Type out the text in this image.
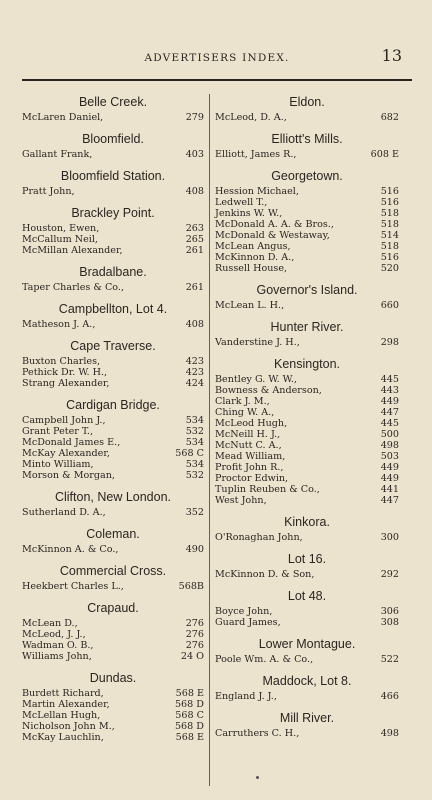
ADVERTISERS INDEX.	13
Belle Creek.
McLaren Daniel,	279
Bloomfield.
Gallant Frank,	403
Bloomfield Station.
Pratt John,	408
Brackley Point.
Houston, Ewen,	263
McCallum Neil,	265
McMillan Alexander,	261
Bradalbane.
Taper Charles & Co.,	261
Campbellton, Lot 4.
Matheson J. A.,	408
Cape Traverse.
Buxton Charles,	423
Pethick Dr. W. H.,	423
Strang Alexander,	424
Cardigan Bridge.
Campbell John J.,	534
Grant Peter T.,	532
McDonald James E.,	534
McKay Alexander,	568 C
Minto William,	534
Morson & Morgan,	532
Clifton, New London.
Sutherland D. A.,	352
Coleman.
McKinnon A. & Co.,	490
Commercial Cross.
Heekbert Charles L.,	568B
Crapaud.
McLean D.,	276
McLeod, J. J.,	276
Wadman O. B.,	276
Williams John,	24 O
Dundas.
Burdett Richard,	568 E
Martin Alexander,	568 D
McLellan Hugh,	568 C
Nicholson John M.,	568 D
McKay Lauchlin,	568 E
Eldon.
McLeod, D. A.,	682
Elliott's Mills.
Elliott, James R.,	608 E
Georgetown.
Hession Michael,	516
Ledwell T.,	516
Jenkins W. W.,	518
McDonald A. A. & Bros.,	518
McDonald & Westaway,	514
McLean Angus,	518
McKinnon D. A.,	516
Russell House,	520
Governor's Island.
McLean L. H.,	660
Hunter River.
Vanderstine J. H.,	298
Kensington.
Bentley G. W. W.,	445
Bowness & Anderson,	443
Clark J. M.,	449
Ching W. A.,	447
McLeod Hugh,	445
McNeill H. J.,	500
McNutt C. A.,	498
Mead William,	503
Profit John R.,	449
Proctor Edwin,	449
Tuplin Reuben & Co.,	441
West John,	447
Kinkora.
O'Ronaghan John,	300
Lot 16.
McKinnon D. & Son,	292
Lot 48.
Boyce John,	306
Guard James,	308
Lower Montague.
Poole Wm. A. & Co.,	522
Maddock, Lot 8.
England J. J.,	466
Mill River.
Carruthers C. H.,	498
